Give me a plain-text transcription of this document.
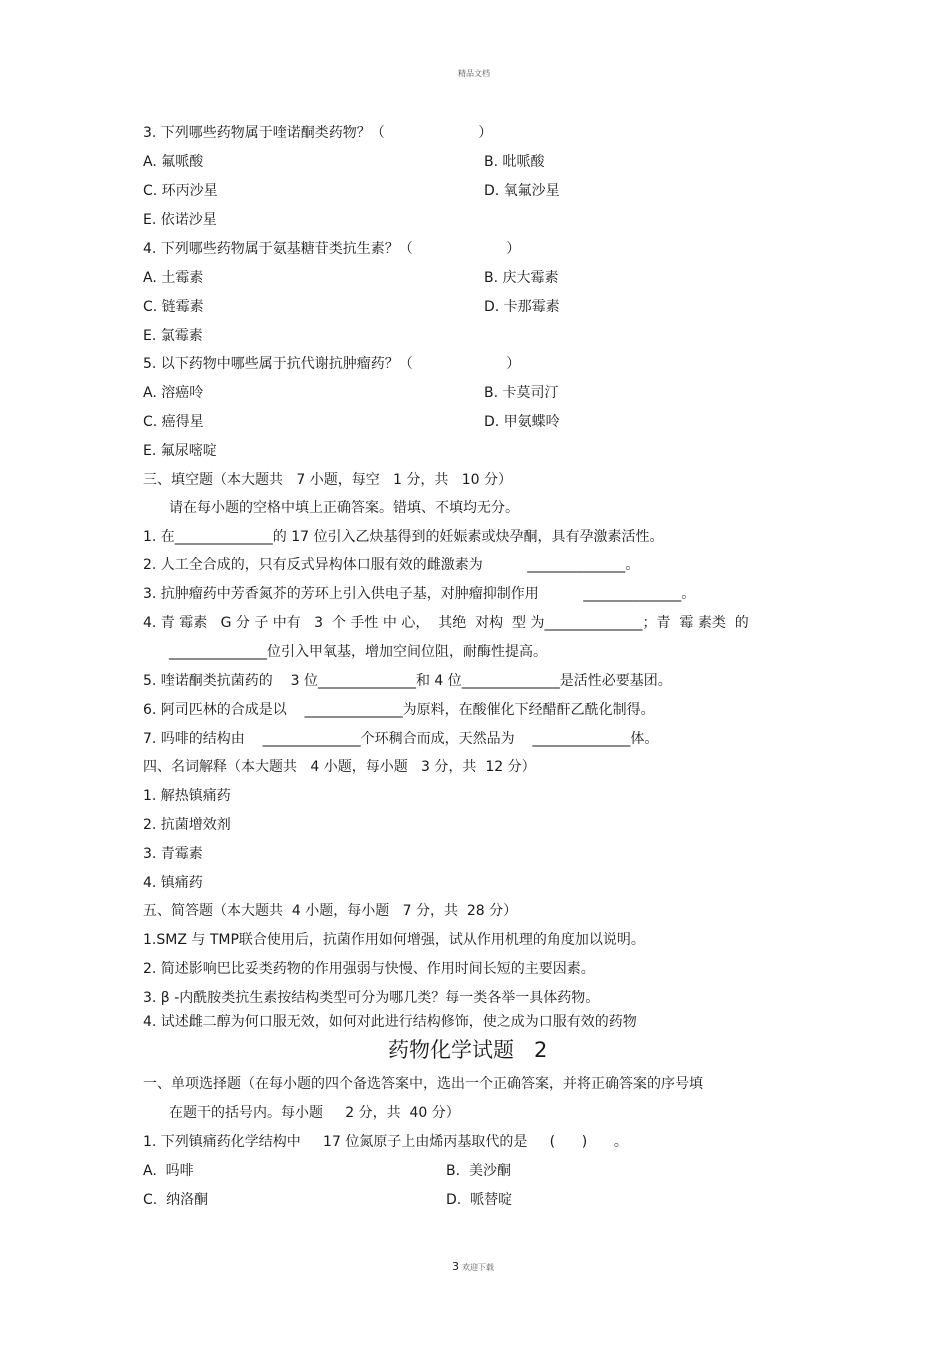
精品文档
3. 下列哪些药物属于喹诺酮类药物？（                     ）
A. 氟哌酸	B. 吡哌酸
C. 环丙沙星	D. 氧氟沙星
E. 依诺沙星
4. 下列哪些药物属于氨基糖苷类抗生素？（                     ）
A. 土霉素	B. 庆大霉素
C. 链霉素	D. 卡那霉素
E. 氯霉素
5. 以下药物中哪些属于抗代谢抗肿瘤药？（                     ）
A. 溶癌呤	B. 卡莫司汀
C. 癌得星	D. 甲氨蝶呤
E. 氟尿嘧啶
三、填空题（本大题共   7 小题，每空   1 分，共   10 分）
请在每小题的空格中填上正确答案。错填、不填均无分。
1. 在______________的 17 位引入乙炔基得到的妊娠素或炔孕酮，具有孕激素活性。
2. 人工全合成的，只有反式异构体口服有效的雌激素为          ______________。
3. 抗肿瘤药中芳香氮芥的芳环上引入供电子基，对肿瘤抑制作用          ______________。
4. 青 霉素   G 分 子 中有   3  个 手性 中 心，  其绝  对构  型 为______________；青  霉 素类  的
______________位引入甲氧基，增加空间位阻，耐酶性提高。
5. 喹诺酮类抗菌药的    3 位______________和 4 位______________是活性必要基团。
6. 阿司匹林的合成是以    ______________为原料，在酸催化下经醋酐乙酰化制得。
7. 吗啡的结构由    ______________个环稠合而成，天然品为    ______________体。
四、名词解释（本大题共   4 小题，每小题   3 分，共  12 分）
1. 解热镇痛药
2. 抗菌增效剂
3. 青霉素
4. 镇痛药
五、简答题（本大题共  4 小题，每小题   7 分，共  28 分）
1.SMZ 与 TMP联合使用后，抗菌作用如何增强，试从作用机理的角度加以说明。
2. 简述影响巴比妥类药物的作用强弱与快慢、作用时间长短的主要因素。
3. β -内酰胺类抗生素按结构类型可分为哪几类？每一类各举一具体药物。
4. 试述雌二醇为何口服无效，如何对此进行结构修饰，使之成为口服有效的药物
药物化学试题   2
一、单项选择题（在每小题的四个备选答案中，选出一个正确答案，并将正确答案的序号填
在题干的括号内。每小题     2 分，共  40 分）
1. 下列镇痛药化学结构中     17 位氮原子上由烯丙基取代的是     (      )      。
A.  吗啡	B.  美沙酮
C.  纳洛酮	D.  哌替啶
3 欢迎下载
